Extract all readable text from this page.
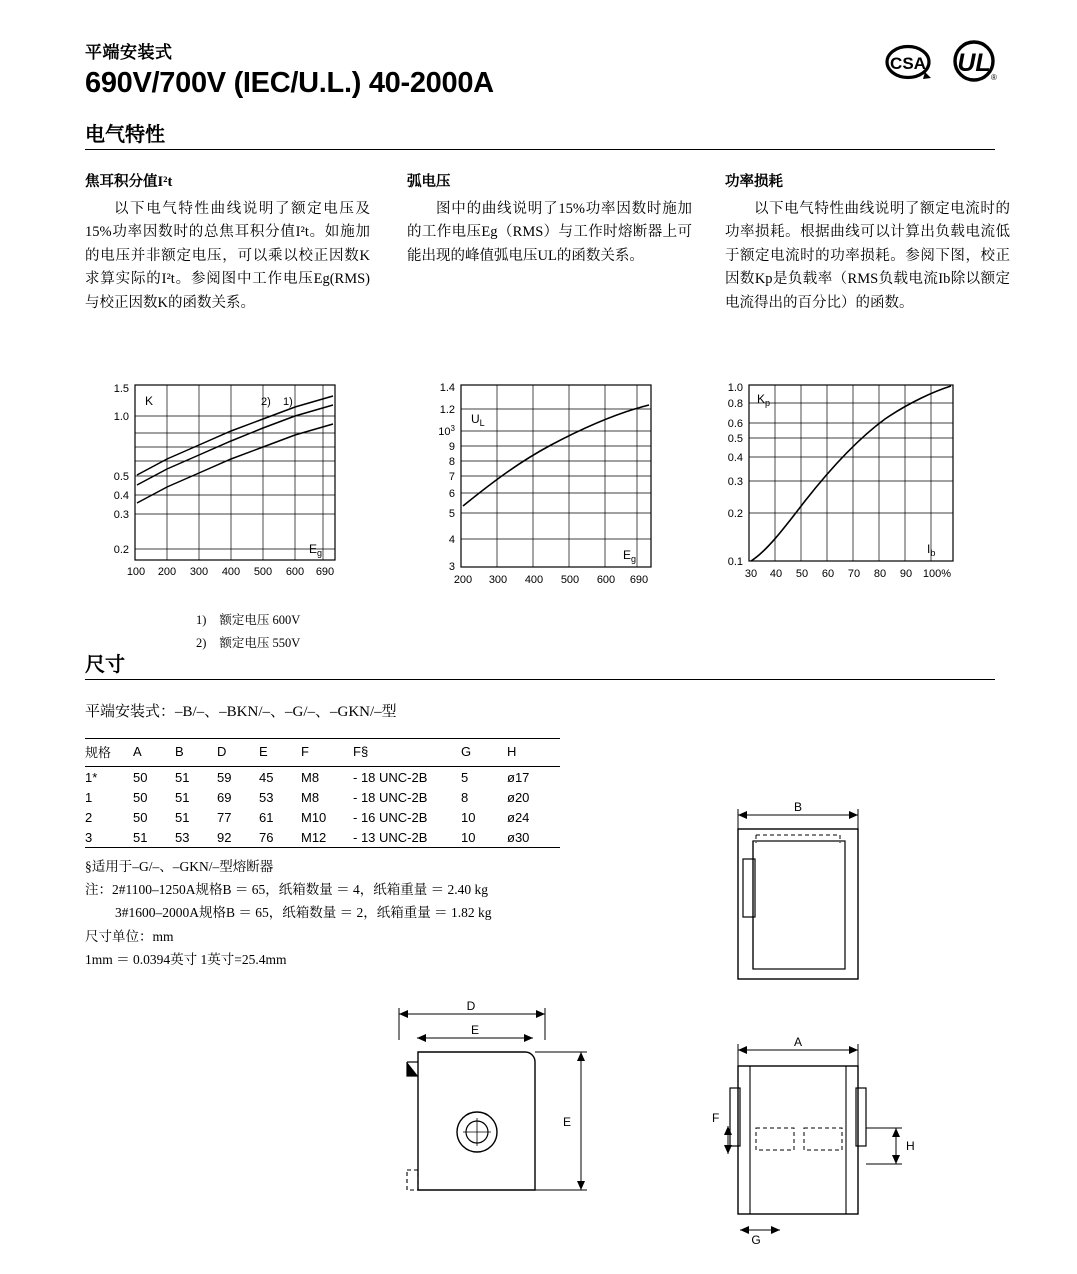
平端安装式
690V/700V (IEC/U.L.) 40-2000A
CSA UL
®
电气特性
焦耳积分值I²t

以下电气特性曲线说明了额定电压及15%功率因数时的总焦耳积分值I²t。如施加的电压并非额定电压，可以乘以校正因数K求算实际的I²t。参阅图中工作电压Eg(RMS)与校正因数K的函数关系。

弧电压

图中的曲线说明了15%功率因数时施加的工作电压Eg（RMS）与工作时熔断器上可能出现的峰值弧电压UL的函数关系。

功率损耗

以下电气特性曲线说明了额定电流时的功率损耗。根据曲线可以计算出负载电流低于额定电流时的功率损耗。参阅下图，校正因数Kp是负载率（RMS负载电流Ib除以额定电流得出的百分比）的函数。

1.5
1.0
0.5
0.4
0.3
0.2
K	2) 1)
$E_g$
100 200 300 400 500 600 690
1.4
1.2
$10^3$
9
8
7
6
5
4
3
$U_L$
$E_g$
200 300 400 500 600 690
1.0
0.8
0.6
0.5
0.4
0.3
0.2
0.1
$K_p$
$I_b$
30 40 50 60 70 80 90 100%
1)	额定电压 600V
2)	额定电压 550V
尺寸
平端安装式：–B/–、–BKN/–、–G/–、–GKN/–型
规格	A	B	D	E	F	F§	G	H
1*	50	51	59	45	M8	- 18 UNC-2B	5	ø17
1	50	51	69	53	M8	- 18 UNC-2B	8	ø20
2	50	51	77	61	M10	- 16 UNC-2B	10	ø24
3	51	53	92	76	M12	- 13 UNC-2B	10	ø30
§适用于–G/–、–GKN/–型熔断器
注：2#1100–1250A规格B ＝ 65，纸箱数量 ＝ 4，纸箱重量 ＝ 2.40 kg
3#1600–2000A规格B ＝ 65，纸箱数量 ＝ 2，纸箱重量 ＝ 1.82 kg
尺寸单位：mm
1mm ＝ 0.0394英寸 1英寸=25.4mm
B
D
E
E
A
F
H
G
